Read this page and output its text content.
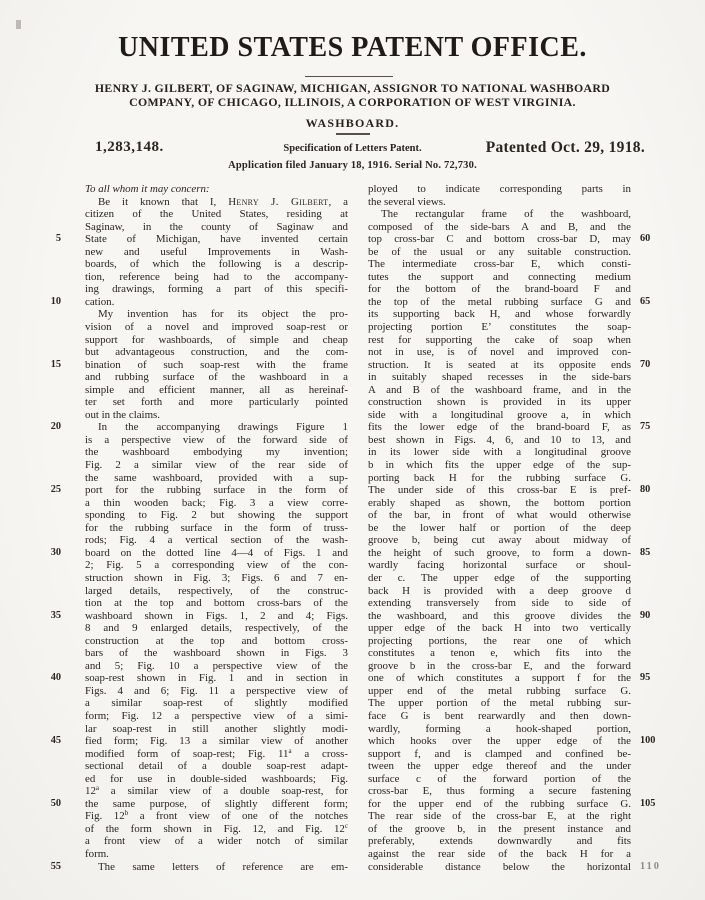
UNITED STATES PATENT OFFICE.
HENRY J. GILBERT, OF SAGINAW, MICHIGAN, ASSIGNOR TO NATIONAL WASHBOARD
COMPANY, OF CHICAGO, ILLINOIS, A CORPORATION OF WEST VIRGINIA.
WASHBOARD.
1,283,148.	Specification of Letters Patent.	Patented Oct. 29, 1918.
Application filed January 18, 1916. Serial No. 72,730.
To all whom it may concern:
Be it known that I, Henry J. Gilbert, a
citizen of the United States, residing at
Saginaw, in the county of Saginaw and
5 State of Michigan, have invented certain
new and useful Improvements in Wash-
boards, of which the following is a descrip-
tion, reference being had to the accompany-
ing drawings, forming a part of this specifi-
10 cation.
My invention has for its object the pro-
vision of a novel and improved soap-rest or
support for washboards, of simple and cheap
but advantageous construction, and the com-
15 bination of such soap-rest with the frame
and rubbing surface of the washboard in a
simple and efficient manner, all as hereinaf-
ter set forth and more particularly pointed
out in the claims.
20	In the accompanying drawings Figure 1
is a perspective view of the forward side of
the washboard embodying my invention;
Fig. 2 a similar view of the rear side of
the same washboard, provided with a sup-
25 port for the rubbing surface in the form of
a thin wooden back; Fig. 3 a view corre-
sponding to Fig. 2 but showing the support
for the rubbing surface in the form of truss-
rods; Fig. 4 a vertical section of the wash-
30 board on the dotted line 4—4 of Figs. 1 and
2; Fig. 5 a corresponding view of the con-
struction shown in Fig. 3; Figs. 6 and 7 en-
larged details, respectively, of the construc-
tion at the top and bottom cross-bars of the
35 washboard shown in Figs. 1, 2 and 4; Figs.
8 and 9 enlarged details, respectively, of the
construction at the top and bottom cross-
bars of the washboard shown in Figs. 3
and 5; Fig. 10 a perspective view of the
40 soap-rest shown in Fig. 1 and in section in
Figs. 4 and 6; Fig. 11 a perspective view of
a similar soap-rest of slightly modified
form; Fig. 12 a perspective view of a simi-
lar soap-rest in still another slightly modi-
45 fied form; Fig. 13 a similar view of another
modified form of soap-rest; Fig. 11$^a$ a cross-
sectional detail of a double soap-rest adapt-
ed for use in double-sided washboards; Fig.
12$^a$ a similar view of a double soap-rest, for
50 the same purpose, of slightly different form;
Fig. 12$^b$ a front view of one of the notches
of the form shown in Fig. 12, and Fig. 12$^c$
a front view of a wider notch of similar
form.
55	The same letters of reference are em-
ployed to indicate corresponding parts in
the several views.
The rectangular frame of the washboard,
composed of the side-bars A and B, and the
60
top cross-bar C and bottom cross-bar D, may
be of the usual or any suitable construction.
The intermediate cross-bar E, which consti-
tutes the support and connecting medium
for the bottom of the brand-board F and
65
the top of the metal rubbing surface G and
its supporting back H, and whose forwardly
projecting portion E’ constitutes the soap-
rest for supporting the cake of soap when
not in use, is of novel and improved con-
70
struction. It is seated at its opposite ends
in suitably shaped recesses in the side-bars
A and B of the washboard frame, and in the
construction shown is provided in its upper
side with a longitudinal groove a, in which
75
fits the lower edge of the brand-board F, as
best shown in Figs. 4, 6, and 10 to 13, and
in its lower side with a longitudinal groove
b in which fits the upper edge of the sup-
porting back H for the rubbing surface G.
80
The under side of this cross-bar E is pref-
erably shaped as shown, the bottom portion
of the bar, in front of what would otherwise
be the lower half or portion of the deep
groove b, being cut away about midway of
85
the height of such groove, to form a down-
wardly facing horizontal surface or shoul-
der c. The upper edge of the supporting
back H is provided with a deep groove d
extending transversely from side to side of
90
the washboard, and this groove divides the
upper edge of the back H into two vertically
projecting portions, the rear one of which
constitutes a tenon e, which fits into the
groove b in the cross-bar E, and the forward
95
one of which constitutes a support f for the
upper end of the metal rubbing surface G.
The upper portion of the metal rubbing sur-
face G is bent rearwardly and then down-
wardly, forming a hook-shaped portion,
100
which hooks over the upper edge of the
support f, and is clamped and confined be-
tween the upper edge thereof and the under
surface c of the forward portion of the
cross-bar E, thus forming a secure fastening
105
for the upper end of the rubbing surface G.
The rear side of the cross-bar E, at the right
of the groove b, in the present instance and
preferably, extends downwardly and fits
against the rear side of the back H for a
110
considerable distance below the horizontal
